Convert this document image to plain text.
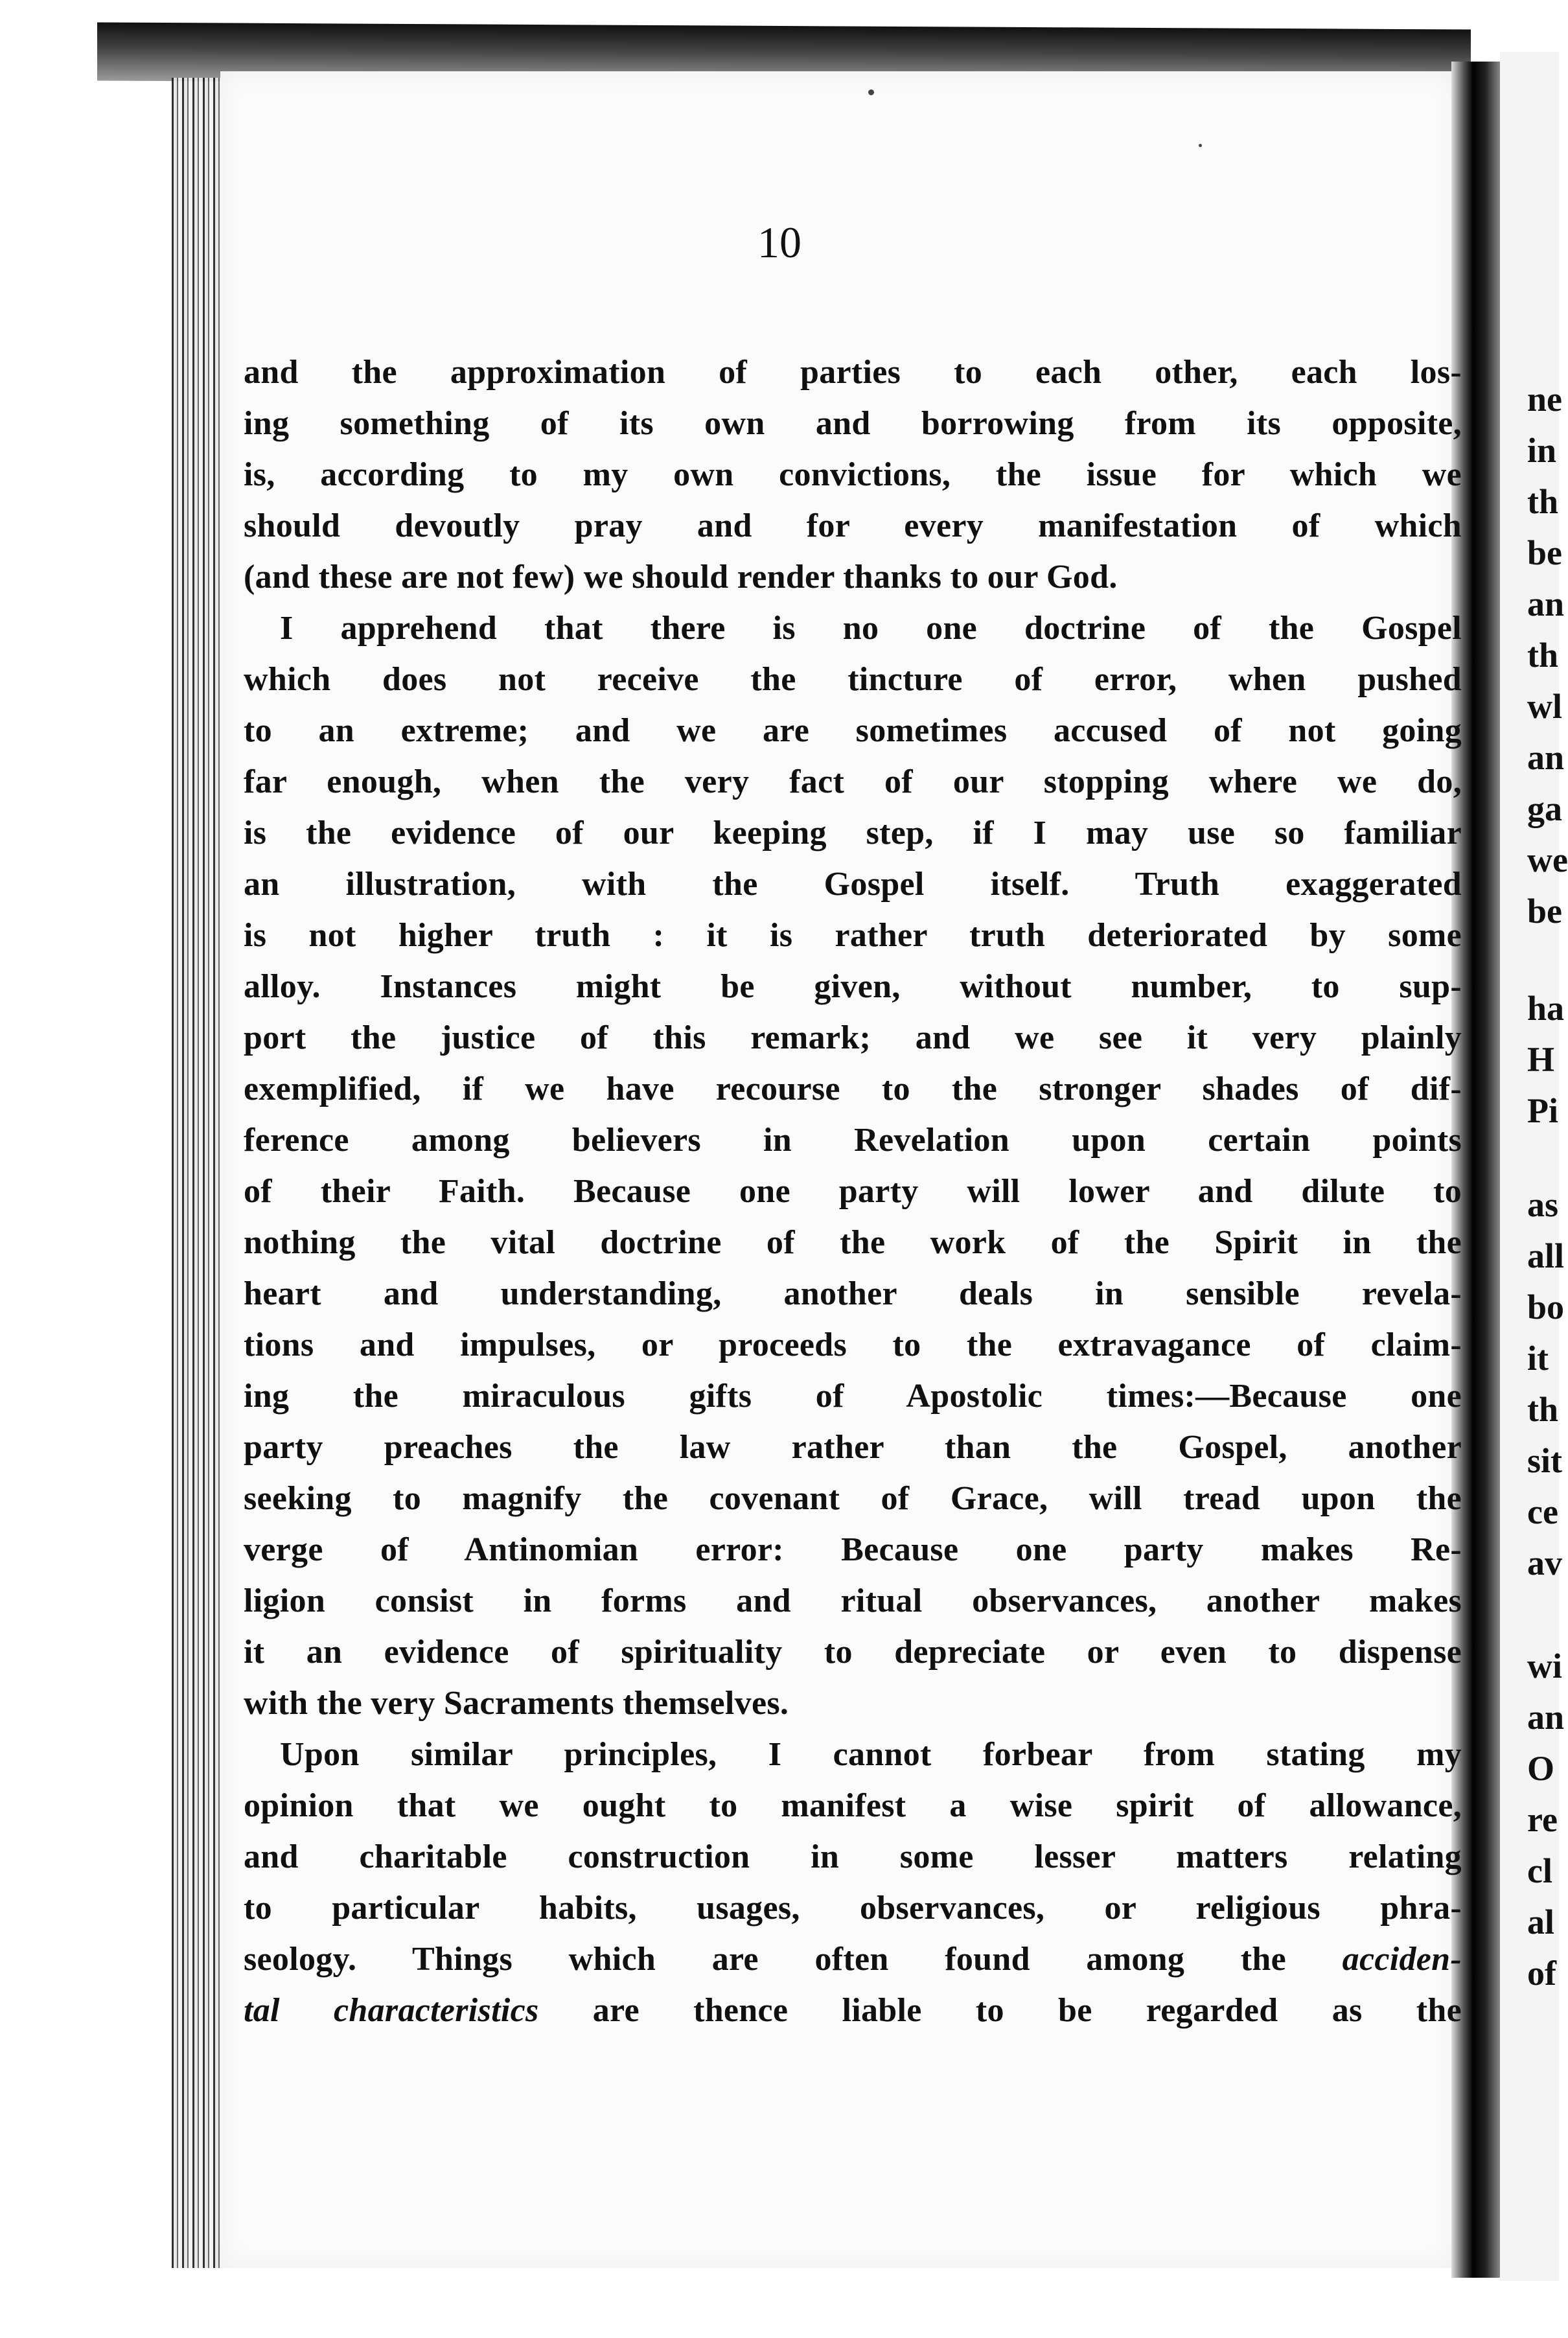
10
and the approximation of parties to each other, each los-
ing something of its own and borrowing from its opposite,
is, according to my own convictions, the issue for which we
should devoutly pray and for every manifestation of which
(and these are not few) we should render thanks to our God.
I apprehend that there is no one doctrine of the Gospel
which does not receive the tincture of error, when pushed
to an extreme; and we are sometimes accused of not going
far enough, when the very fact of our stopping where we do,
is the evidence of our keeping step, if I may use so familiar
an illustration, with the Gospel itself. Truth exaggerated
is not higher truth : it is rather truth deteriorated by some
alloy. Instances might be given, without number, to sup-
port the justice of this remark; and we see it very plainly
exemplified, if we have recourse to the stronger shades of dif-
ference among believers in Revelation upon certain points
of their Faith. Because one party will lower and dilute to
nothing the vital doctrine of the work of the Spirit in the
heart and understanding, another deals in sensible revela-
tions and impulses, or proceeds to the extravagance of claim-
ing the miraculous gifts of Apostolic times:—Because one
party preaches the law rather than the Gospel, another
seeking to magnify the covenant of Grace, will tread upon the
verge of Antinomian error: Because one party makes Re-
ligion consist in forms and ritual observances, another makes
it an evidence of spirituality to depreciate or even to dispense
with the very Sacraments themselves.
Upon similar principles, I cannot forbear from stating my
opinion that we ought to manifest a wise spirit of allowance,
and charitable construction in some lesser matters relating
to particular habits, usages, observances, or religious phra-
seology. Things which are often found among the acciden-
tal characteristics are thence liable to be regarded as the
ne
in
th
be
an
th
wl
an
ga
we
be
ha
H
Pi
as
all
bo
it
th
sit
ce
av
wi
an
O
re
cl
al
of
